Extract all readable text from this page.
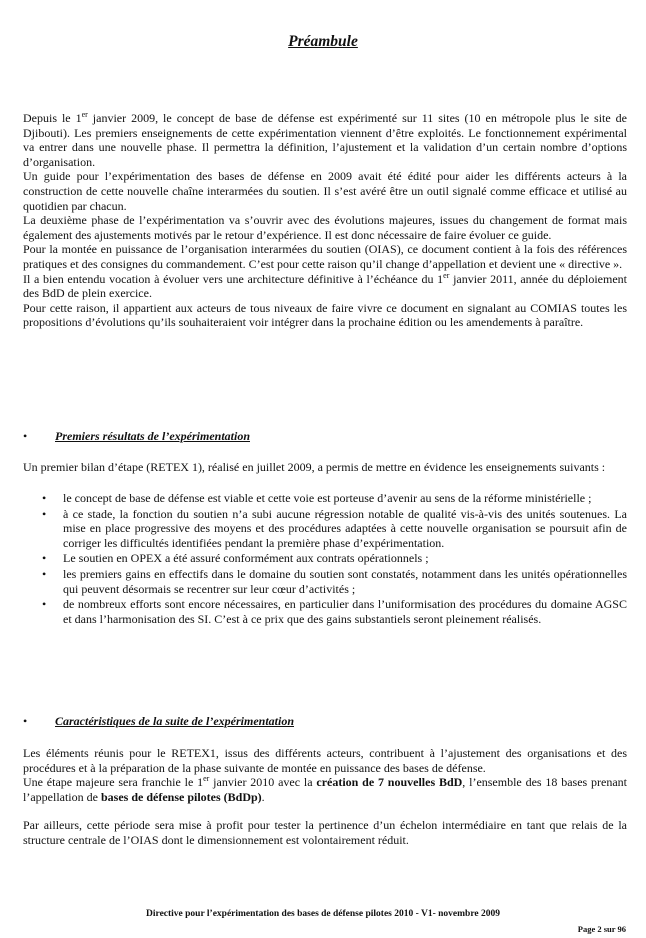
Préambule

Depuis le 1er janvier 2009, le concept de base de défense est expérimenté sur 11 sites (10 en métropole plus le site de Djibouti). Les premiers enseignements de cette expérimentation viennent d’être exploités. Le fonctionnement expérimental va entrer dans une nouvelle phase. Il permettra la définition, l’ajustement et la validation d’un certain nombre d’options d’organisation.

Un guide pour l’expérimentation des bases de défense en 2009 avait été édité pour aider les différents acteurs à la construction de cette nouvelle chaîne interarmées du soutien. Il s’est avéré être un outil signalé comme efficace et utilisé au quotidien par chacun.

La deuxième phase de l’expérimentation va s’ouvrir avec des évolutions majeures, issues du changement de format mais également des ajustements motivés par le retour d’expérience. Il est donc nécessaire de faire évoluer ce guide.

Pour la montée en puissance de l’organisation interarmées du soutien (OIAS), ce document contient à la fois des références pratiques et des consignes du commandement. C’est pour cette raison qu’il change d’appellation et devient une « directive ».

Il a bien entendu vocation à évoluer vers une architecture définitive à l’échéance du 1er janvier 2011, année du déploiement des BdD de plein exercice.

Pour cette raison, il appartient aux acteurs de tous niveaux de faire vivre ce document en signalant au COMIAS toutes les propositions d’évolutions qu’ils souhaiteraient voir intégrer dans la prochaine édition ou les amendements à paraître.

•	Premiers résultats de l’expérimentation
Un premier bilan d’étape (RETEX 1), réalisé en juillet 2009, a permis de mettre en évidence les enseignements suivants :
• le concept de base de défense est viable et cette voie est porteuse d’avenir au sens de la réforme ministérielle ;
• à ce stade, la fonction du soutien n’a subi aucune régression notable de qualité vis-à-vis des unités soutenues. La mise en place progressive des moyens et des procédures adaptées à cette nouvelle organisation se poursuit afin de corriger les difficultés identifiées pendant la première phase d’expérimentation.
• Le soutien en OPEX a été assuré conformément aux contrats opérationnels ;
• les premiers gains en effectifs dans le domaine du soutien sont constatés, notamment dans les unités opérationnelles qui peuvent désormais se recentrer sur leur cœur d’activités ;
• de nombreux efforts sont encore nécessaires, en particulier dans l’uniformisation des procédures du domaine AGSC et dans l’harmonisation des SI. C’est à ce prix que des gains substantiels seront pleinement réalisés.
•	Caractéristiques de la suite de l’expérimentation

Les éléments réunis pour le RETEX1, issus des différents acteurs, contribuent à l’ajustement des organisations et des procédures et à la préparation de la phase suivante de montée en puissance des bases de défense.

Une étape majeure sera franchie le 1er janvier 2010 avec la création de 7 nouvelles BdD, l’ensemble des 18 bases prenant l’appellation de bases de défense pilotes (BdDp).

Par ailleurs, cette période sera mise à profit pour tester la pertinence d’un échelon intermédiaire en tant que relais de la structure centrale de l’OIAS dont le dimensionnement est volontairement réduit.

Directive pour l’expérimentation des bases de défense pilotes 2010 - V1- novembre 2009
Page 2 sur 96
